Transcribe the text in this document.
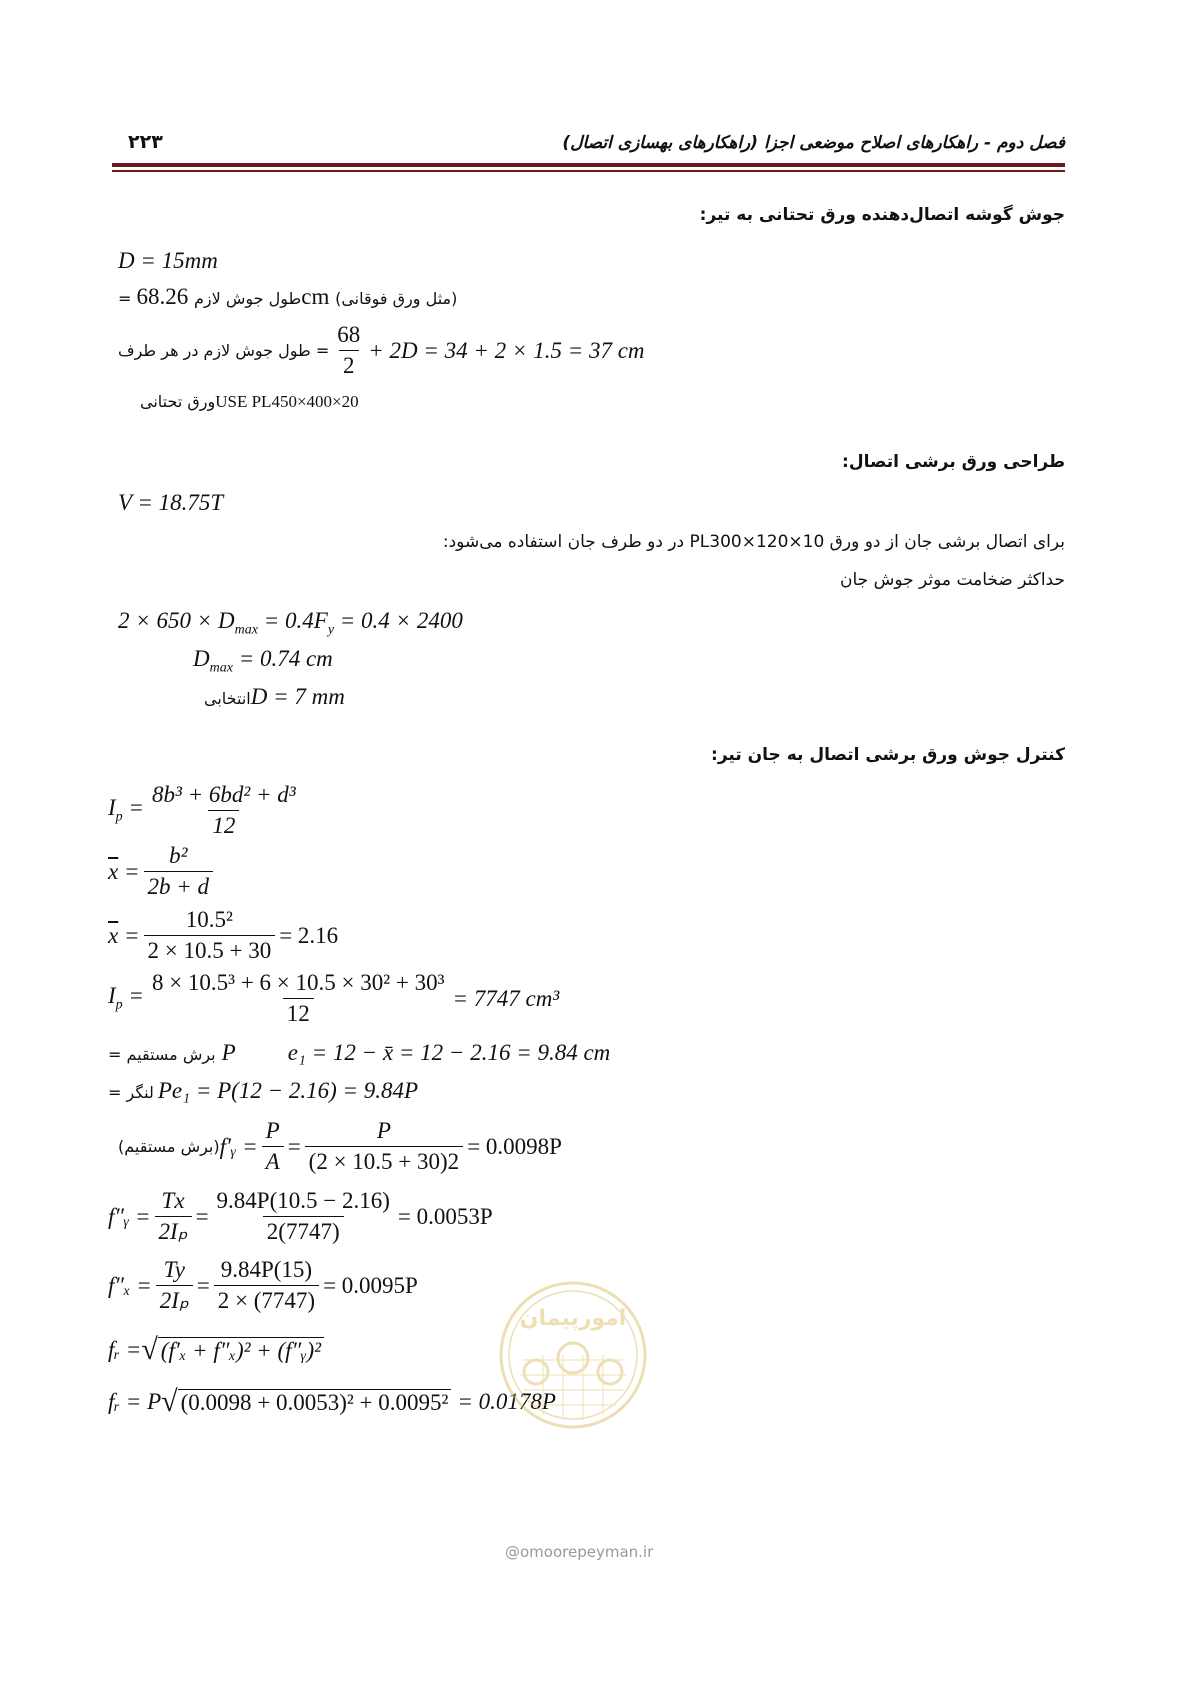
فصل دوم - راهکارهای اصلاح موضعی اجزا (راهکارهای بهسازی اتصال)
۲۲۳
جوش گوشه اتصال‌دهنده ورق تحتانی به تیر:
D = 15mm
= طول جوش لازم 68.26cm (مثل ورق فوقانی)
= طول جوش لازم در هر طرف $\frac{68}{2} + 2D = 34 + 2 \times 1.5 = 37$ cm
ورق تحتانی USE PL450×400×20
طراحی ورق برشی اتصال:
V = 18.75T
برای اتصال برشی جان از دو ورق PL300×120×10 در دو طرف جان استفاده می‌شود:
حداکثر ضخامت موثر جوش جان
$2 \times 650 \times D_{max} = 0.4F_y = 0.4 \times 2400$
$D_{max} = 0.74$ cm
انتخابی D = 7 mm
کنترل جوش ورق برشی اتصال به جان تیر:
$I_p = \frac{\text{8b³ + 6bd² + d³}}{12}$
$\overline{x} = \frac{\text{b²}}{2b + d}$
$\overline{x} = \frac{\text{10.5²}}{2 \times 10.5 + 30} = 2.16$
$I_p = \frac{\text{8 × 10.5³ + 6 × 10.5 × 30² + 30³}}{12} = 7747$ cm³
برش مستقیم = P e₁ = 12 − x̄ = 12 − 2.16 = 9.84 cm
لنگر = Pe₁ = P(12 − 2.16) = 9.84P
(برش مستقیم) f′ᵧ = $\frac{P}{A} = \frac{P}{(2 \times 10.5 + 30)2} = 0.0098P$
f″ᵧ = $\frac{Tx}{\text{2Iₚ}} = \frac{9.84P(10.5 - 2.16)}{2(7747)} = 0.0053P$
$f''_x = \frac{Ty}{\text{2Iₚ}} = \frac{9.84P(15)}{2 \times (7747)} = 0.0095P$
fᵣ = √ (f′ₓ + f″ₓ)² + (f″ᵧ)²
fᵣ = P √ (0.0098 + 0.0053)² + 0.0095² = 0.0178P
امورپیمان
@omoorepeyman.ir
